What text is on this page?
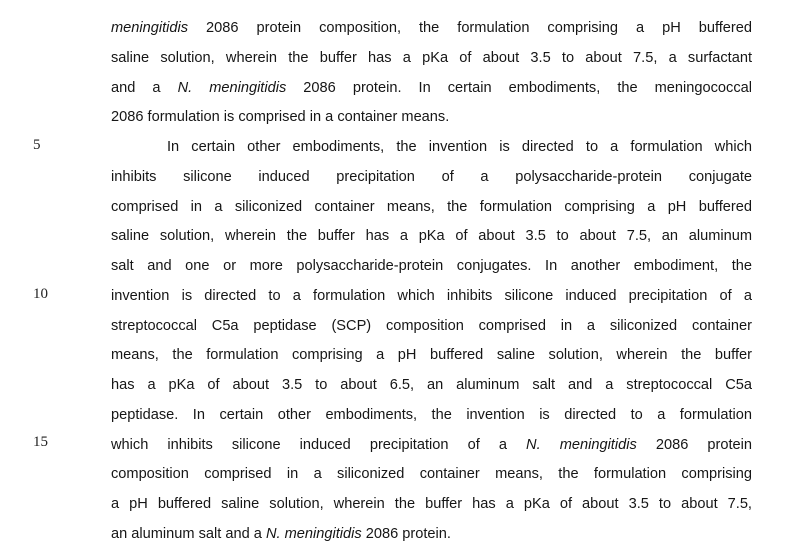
5
10
15
meningitidis 2086 protein composition, the formulation comprising a pH buffered
saline solution, wherein the buffer has a pKa of about 3.5 to about 7.5, a surfactant
and a N. meningitidis 2086 protein. In certain embodiments, the meningococcal
2086 formulation is comprised in a container means.
In certain other embodiments, the invention is directed to a formulation which
inhibits silicone induced precipitation of a polysaccharide-protein conjugate
comprised in a siliconized container means, the formulation comprising a pH buffered
saline solution, wherein the buffer has a pKa of about 3.5 to about 7.5, an aluminum
salt and one or more polysaccharide-protein conjugates. In another embodiment, the
invention is directed to a formulation which inhibits silicone induced precipitation of a
streptococcal C5a peptidase (SCP) composition comprised in a siliconized container
means, the formulation comprising a pH buffered saline solution, wherein the buffer
has a pKa of about 3.5 to about 6.5, an aluminum salt and a streptococcal C5a
peptidase. In certain other embodiments, the invention is directed to a formulation
which inhibits silicone induced precipitation of a N. meningitidis 2086 protein
composition comprised in a siliconized container means, the formulation comprising
a pH buffered saline solution, wherein the buffer has a pKa of about 3.5 to about 7.5,
an aluminum salt and a N. meningitidis 2086 protein.
